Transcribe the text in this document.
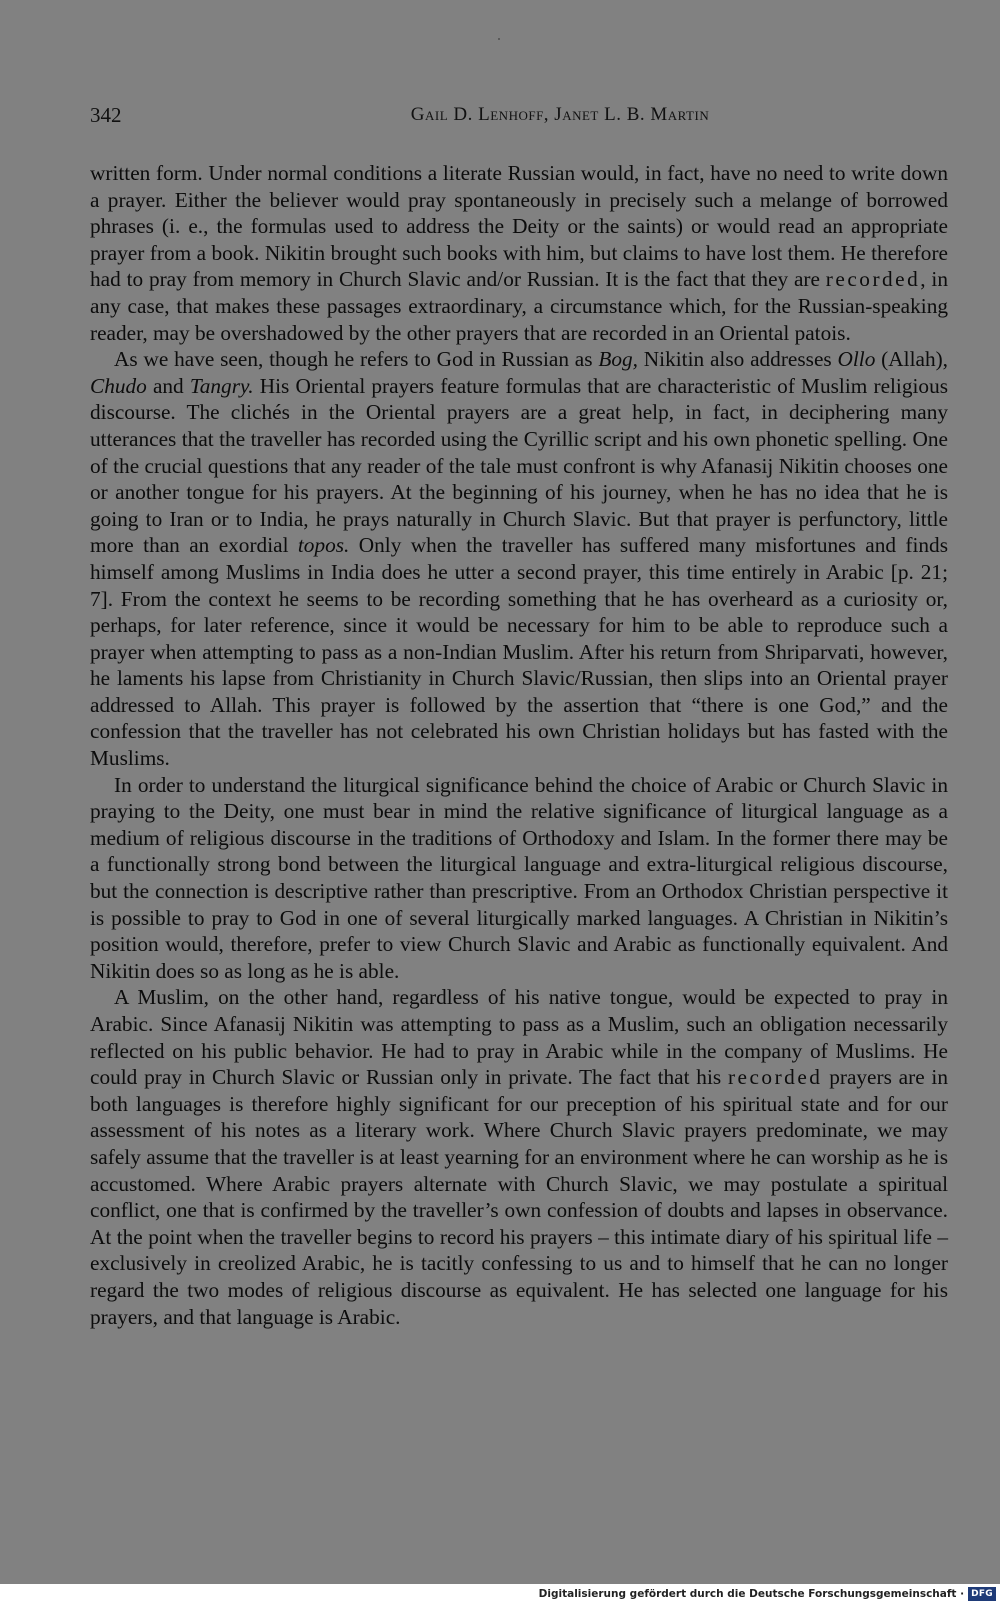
342	Gail D. Lenhoff, Janet L. B. Martin

written form. Under normal conditions a literate Russian would, in fact, have no need to write down a prayer. Either the believer would pray spontaneously in precisely such a melange of borrowed phrases (i. e., the formulas used to address the Deity or the saints) or would read an appropriate prayer from a book. Nikitin brought such books with him, but claims to have lost them. He therefore had to pray from memory in Church Slavic and/or Russian. It is the fact that they are recorded, in any case, that makes these passages extraordinary, a circumstance which, for the Russian-speaking reader, may be overshadowed by the other prayers that are recorded in an Oriental patois.

As we have seen, though he refers to God in Russian as Bog, Nikitin also addresses Ollo (Allah), Chudo and Tangry. His Oriental prayers feature formulas that are characteristic of Muslim religious discourse. The clichés in the Oriental prayers are a great help, in fact, in deciphering many utterances that the traveller has recorded using the Cyrillic script and his own phonetic spelling. One of the crucial questions that any reader of the tale must confront is why Afanasij Nikitin chooses one or another tongue for his prayers. At the beginning of his journey, when he has no idea that he is going to Iran or to India, he prays naturally in Church Slavic. But that prayer is perfunctory, little more than an exordial topos. Only when the traveller has suffered many misfortunes and finds himself among Muslims in India does he utter a second prayer, this time entirely in Arabic [p. 21; 7]. From the context he seems to be recording something that he has overheard as a curiosity or, perhaps, for later reference, since it would be necessary for him to be able to reproduce such a prayer when attempting to pass as a non-Indian Muslim. After his return from Shriparvati, however, he laments his lapse from Christianity in Church Slavic/Russian, then slips into an Oriental prayer addressed to Allah. This prayer is followed by the assertion that “there is one God,” and the confession that the traveller has not celebrated his own Christian holidays but has fasted with the Muslims.

In order to understand the liturgical significance behind the choice of Arabic or Church Slavic in praying to the Deity, one must bear in mind the relative significance of liturgical language as a medium of religious discourse in the traditions of Orthodoxy and Islam. In the former there may be a functionally strong bond between the liturgical language and extra-liturgical religious discourse, but the connection is descriptive rather than prescriptive. From an Orthodox Christian perspective it is possible to pray to God in one of several liturgically marked languages. A Christian in Nikitin’s position would, therefore, prefer to view Church Slavic and Arabic as functionally equivalent. And Nikitin does so as long as he is able.

A Muslim, on the other hand, regardless of his native tongue, would be expected to pray in Arabic. Since Afanasij Nikitin was attempting to pass as a Muslim, such an obligation necessarily reflected on his public behavior. He had to pray in Arabic while in the company of Muslims. He could pray in Church Slavic or Russian only in private. The fact that his recorded prayers are in both languages is therefore highly significant for our preception of his spiritual state and for our assessment of his notes as a literary work. Where Church Slavic prayers predominate, we may safely assume that the traveller is at least yearning for an environment where he can worship as he is accustomed. Where Arabic prayers alternate with Church Slavic, we may postulate a spiritual conflict, one that is confirmed by the traveller’s own confession of doubts and lapses in observance. At the point when the traveller begins to record his prayers – this intimate diary of his spiritual life – exclusively in creolized Arabic, he is tacitly confessing to us and to himself that he can no longer regard the two modes of religious discourse as equivalent. He has selected one language for his prayers, and that language is Arabic.

Digitalisierung gefördert durch die Deutsche Forschungsgemeinschaft · DFG
